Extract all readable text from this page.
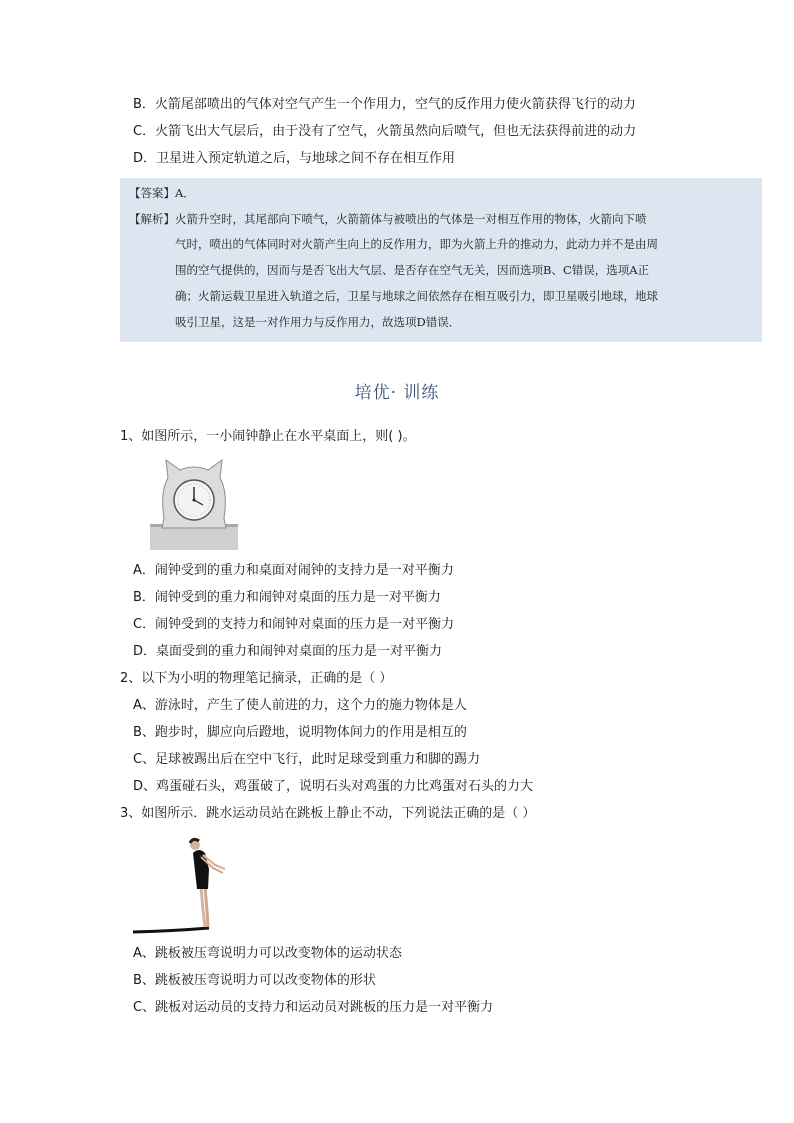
B．火箭尾部喷出的气体对空气产生一个作用力，空气的反作用力使火箭获得飞行的动力
C．火箭飞出大气层后，由于没有了空气，火箭虽然向后喷气，但也无法获得前进的动力
D．卫星进入预定轨道之后，与地球之间不存在相互作用
【答案】A．
【解析】火箭升空时，其尾部向下喷气，火箭箭体与被喷出的气体是一对相互作用的物体，火箭向下喷
气时，喷出的气体同时对火箭产生向上的反作用力，即为火箭上升的推动力，此动力并不是由周
围的空气提供的，因而与是否飞出大气层、是否存在空气无关，因而选项B、C错误，选项A正
确；火箭运载卫星进入轨道之后，卫星与地球之间依然存在相互吸引力，即卫星吸引地球，地球
吸引卫星，这是一对作用力与反作用力，故选项D错误．
培优· 训练
1、如图所示，一小闹钟静止在水平桌面上，则( )。
A．闹钟受到的重力和桌面对闹钟的支持力是一对平衡力
B．闹钟受到的重力和闹钟对桌面的压力是一对平衡力
C．闹钟受到的支持力和闹钟对桌面的压力是一对平衡力
D．桌面受到的重力和闹钟对桌面的压力是一对平衡力
2、以下为小明的物理笔记摘录，正确的是（ ）
A、游泳时，产生了使人前进的力，这个力的施力物体是人
B、跑步时，脚应向后蹬地，说明物体间力的作用是相互的
C、足球被踢出后在空中飞行，此时足球受到重力和脚的踢力
D、鸡蛋碰石头，鸡蛋破了，说明石头对鸡蛋的力比鸡蛋对石头的力大
3、如图所示．跳水运动员站在跳板上静止不动，下列说法正确的是（ ）
A、跳板被压弯说明力可以改变物体的运动状态
B、跳板被压弯说明力可以改变物体的形状
C、跳板对运动员的支持力和运动员对跳板的压力是一对平衡力
